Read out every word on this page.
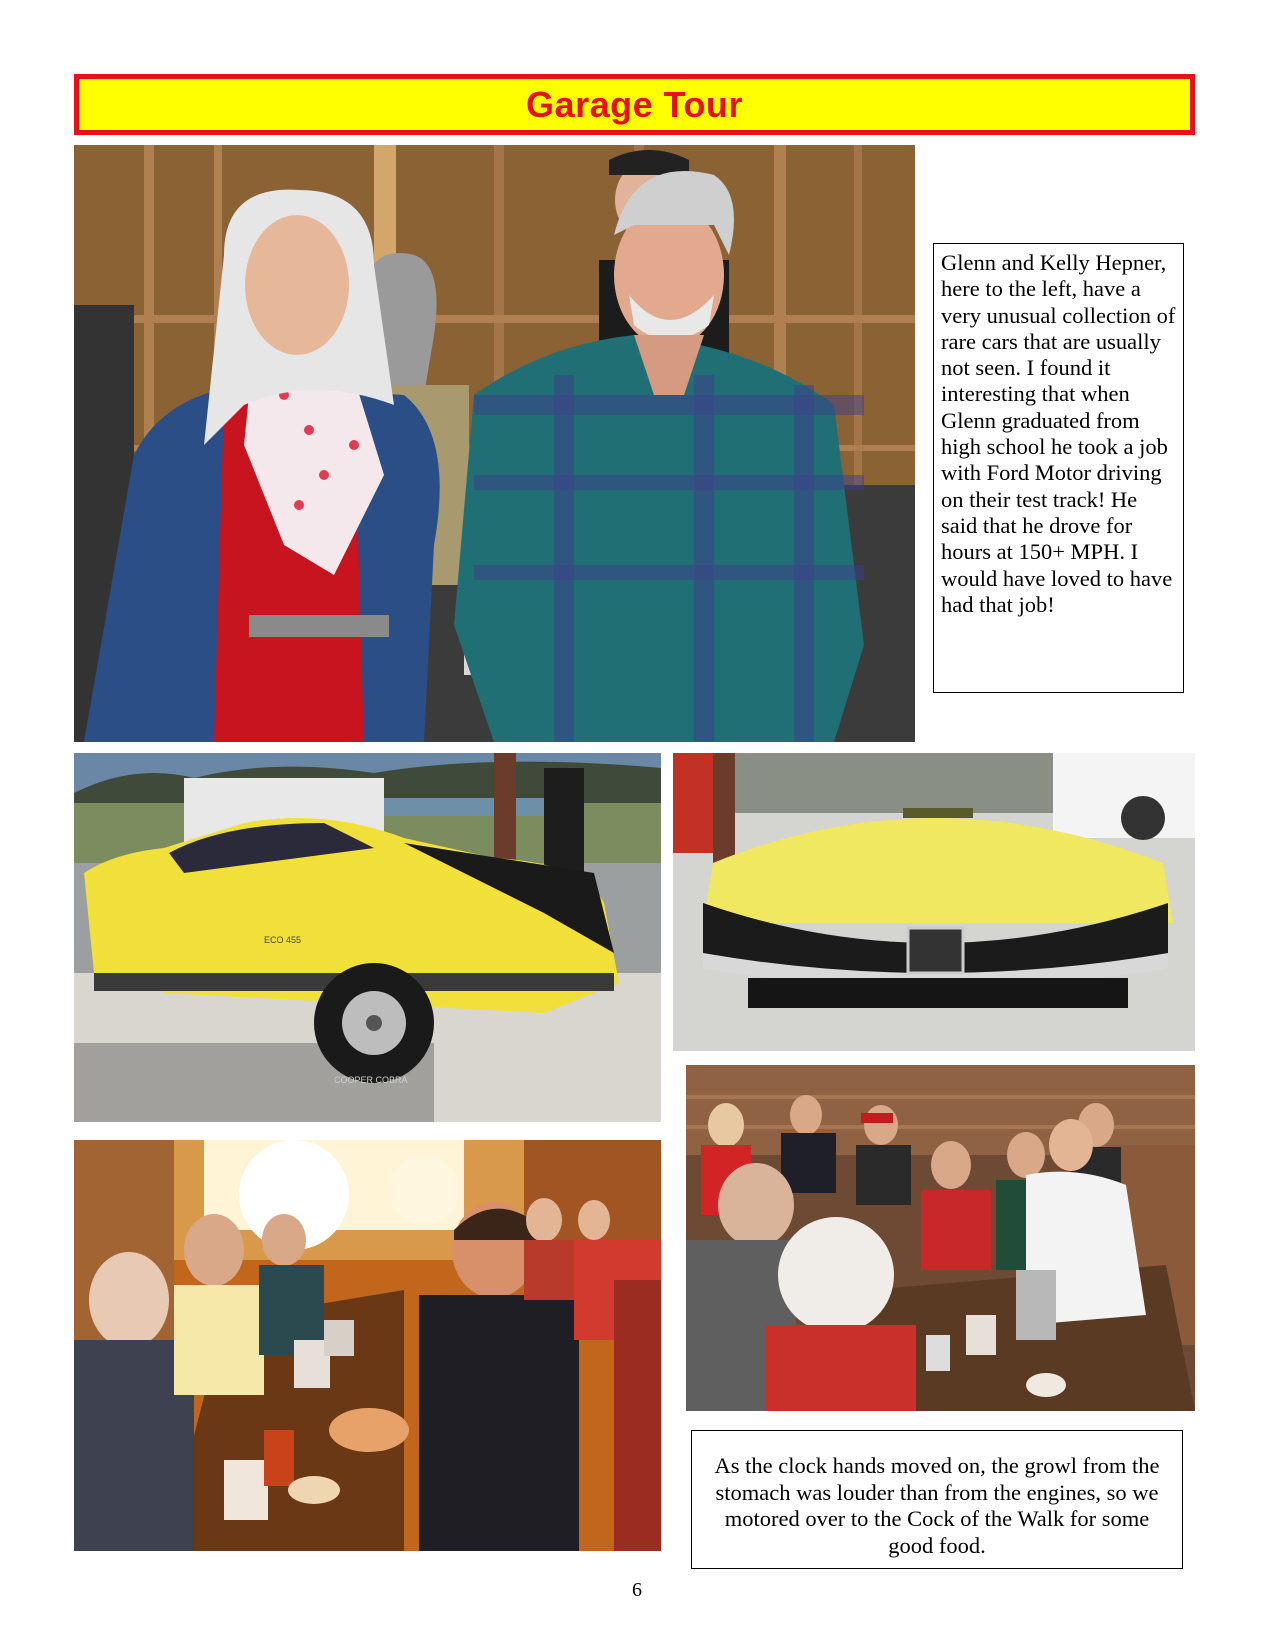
Garage Tour
Glenn and Kelly Hepner, here to the left, have a very unusual collection of rare cars that are usually not seen. I found it interesting that when Glenn graduated from high school he took a job with Ford Motor driving on their test track! He said that he drove for hours at 150+ MPH. I would have loved to have had that job!
COOPER COBRA
ECO 455
As the clock hands moved on, the growl from the stomach was louder than from the engines, so we motored over to the Cock of the Walk for some good food.
6
